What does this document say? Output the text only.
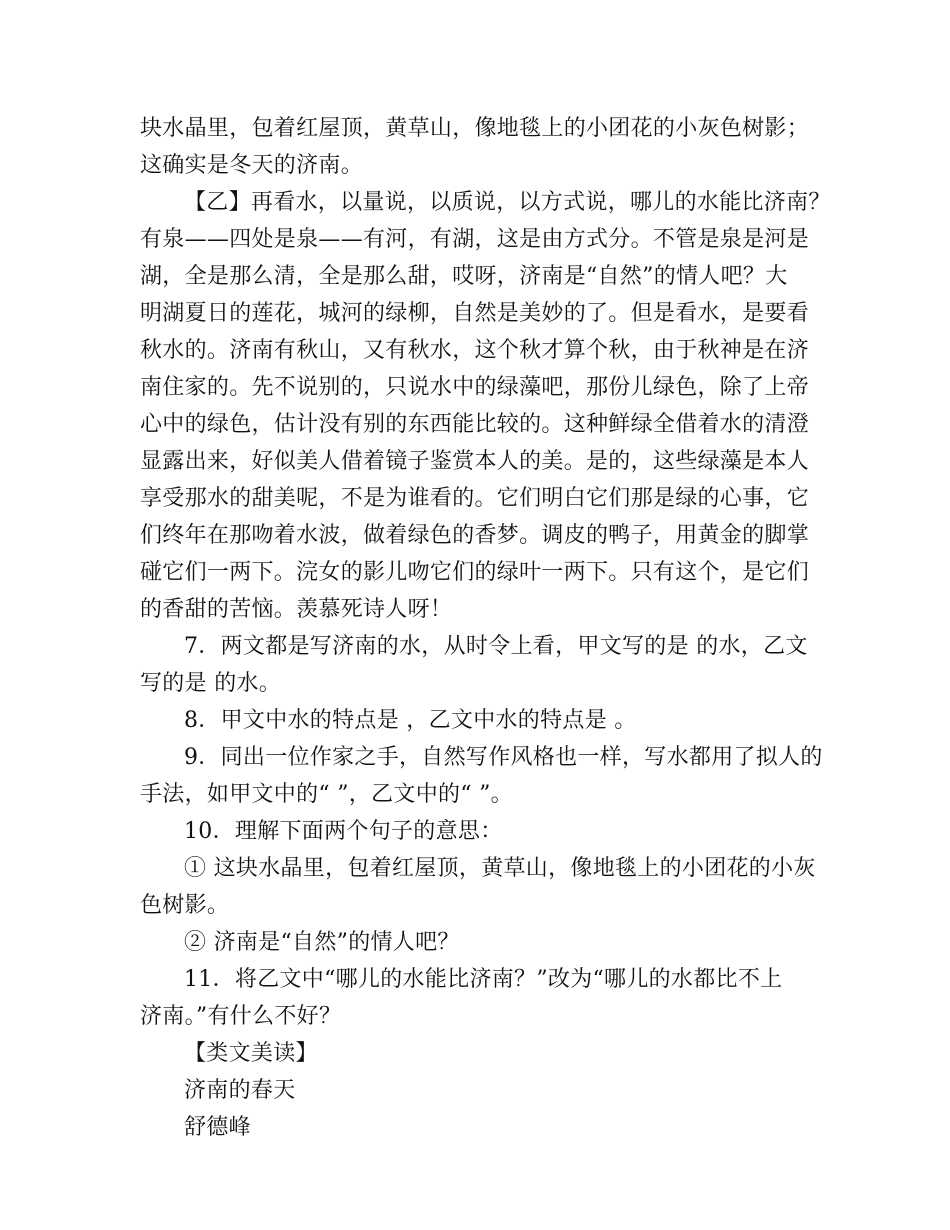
块水晶里，包着红屋顶，黄草山，像地毯上的小团花的小灰色树影；
这确实是冬天的济南。
【乙】再看水，以量说，以质说，以方式说，哪儿的水能比济南？
有泉——四处是泉——有河，有湖，这是由方式分。不管是泉是河是
湖，全是那么清，全是那么甜，哎呀，济南是“自然”的情人吧？大
明湖夏日的莲花，城河的绿柳，自然是美妙的了。但是看水，是要看
秋水的。济南有秋山，又有秋水，这个秋才算个秋，由于秋神是在济
南住家的。先不说别的，只说水中的绿藻吧，那份儿绿色，除了上帝
心中的绿色，估计没有别的东西能比较的。这种鲜绿全借着水的清澄
显露出来，好似美人借着镜子鉴赏本人的美。是的，这些绿藻是本人
享受那水的甜美呢，不是为谁看的。它们明白它们那是绿的心事，它
们终年在那吻着水波，做着绿色的香梦。调皮的鸭子，用黄金的脚掌
碰它们一两下。浣女的影儿吻它们的绿叶一两下。只有这个，是它们
的香甜的苦恼。羡慕死诗人呀！
7．两文都是写济南的水，从时令上看，甲文写的是 的水，乙文
写的是 的水。
8．甲文中水的特点是 ，乙文中水的特点是 。
9．同出一位作家之手，自然写作风格也一样，写水都用了拟人的
手法，如甲文中的“ ”，乙文中的“ ”。
10．理解下面两个句子的意思：
① 这块水晶里，包着红屋顶，黄草山，像地毯上的小团花的小灰
色树影。
② 济南是“自然”的情人吧？
11．将乙文中“哪儿的水能比济南？”改为“哪儿的水都比不上
济南。”有什么不好？
【类文美读】
济南的春天
舒德峰
